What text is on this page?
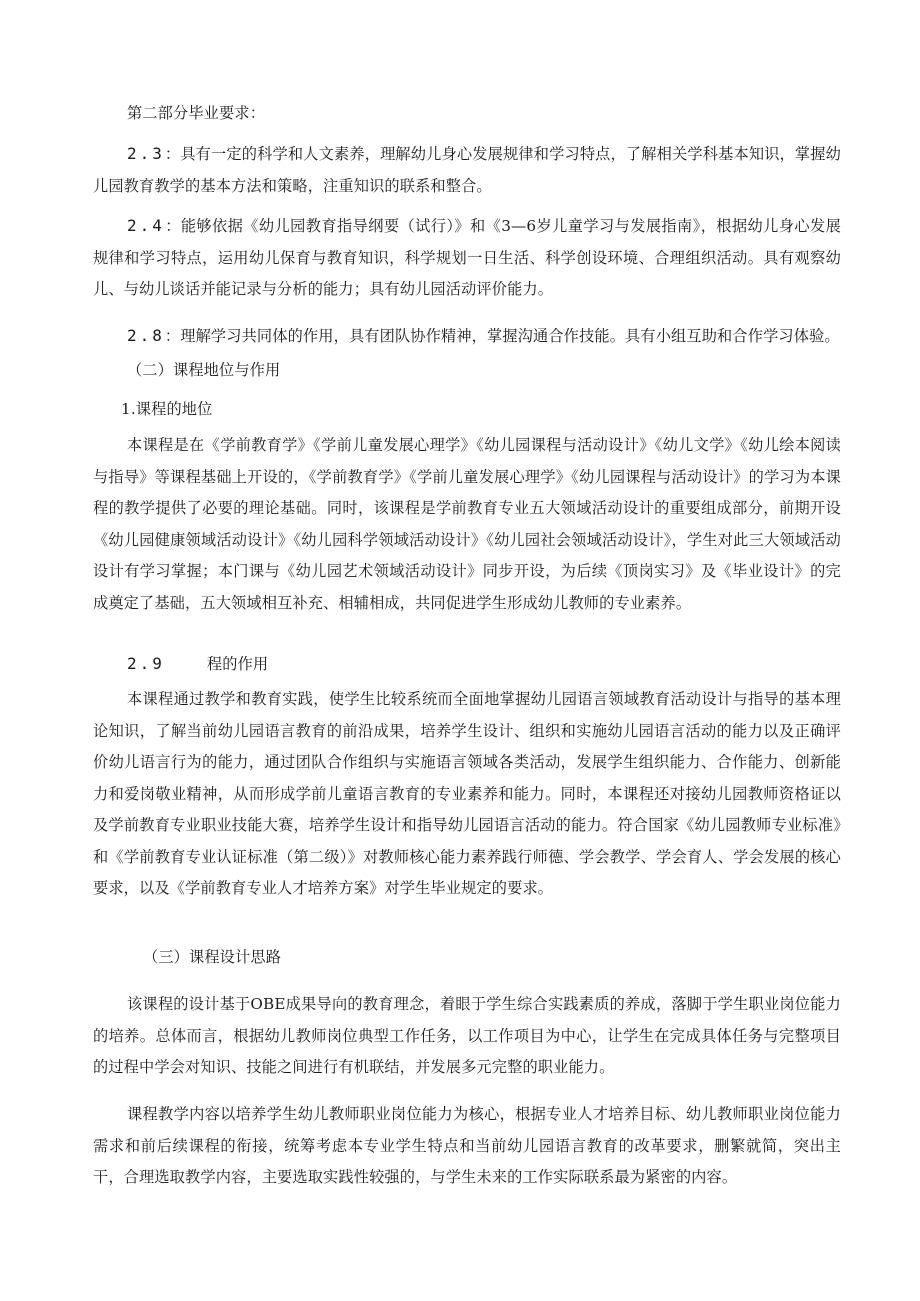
第二部分毕业要求：
2.3：具有一定的科学和人文素养，理解幼儿身心发展规律和学习特点，了解相关学科基本知识，掌握幼儿园教育教学的基本方法和策略，注重知识的联系和整合。
2.4：能够依据《幼儿园教育指导纲要（试行）》和《3—6岁儿童学习与发展指南》，根据幼儿身心发展规律和学习特点，运用幼儿保育与教育知识，科学规划一日生活、科学创设环境、合理组织活动。具有观察幼儿、与幼儿谈话并能记录与分析的能力；具有幼儿园活动评价能力。
2.8：理解学习共同体的作用，具有团队协作精神，掌握沟通合作技能。具有小组互助和合作学习体验。
（二）课程地位与作用
1.课程的地位
本课程是在《学前教育学》《学前儿童发展心理学》《幼儿园课程与活动设计》《幼儿文学》《幼儿绘本阅读与指导》等课程基础上开设的，《学前教育学》《学前儿童发展心理学》《幼儿园课程与活动设计》的学习为本课程的教学提供了必要的理论基础。同时，该课程是学前教育专业五大领域活动设计的重要组成部分，前期开设《幼儿园健康领域活动设计》《幼儿园科学领域活动设计》《幼儿园社会领域活动设计》，学生对此三大领域活动设计有学习掌握；本门课与《幼儿园艺术领域活动设计》同步开设，为后续《顶岗实习》及《毕业设计》的完成奠定了基础，五大领域相互补充、相辅相成，共同促进学生形成幼儿教师的专业素养。
2.9	程的作用
本课程通过教学和教育实践，使学生比较系统而全面地掌握幼儿园语言领域教育活动设计与指导的基本理论知识，了解当前幼儿园语言教育的前沿成果，培养学生设计、组织和实施幼儿园语言活动的能力以及正确评价幼儿语言行为的能力，通过团队合作组织与实施语言领域各类活动，发展学生组织能力、合作能力、创新能力和爱岗敬业精神，从而形成学前儿童语言教育的专业素养和能力。同时，本课程还对接幼儿园教师资格证以及学前教育专业职业技能大赛，培养学生设计和指导幼儿园语言活动的能力。符合国家《幼儿园教师专业标准》和《学前教育专业认证标准（第二级）》对教师核心能力素养践行师德、学会教学、学会育人、学会发展的核心要求，以及《学前教育专业人才培养方案》对学生毕业规定的要求。
（三）课程设计思路
该课程的设计基于OBE成果导向的教育理念，着眼于学生综合实践素质的养成，落脚于学生职业岗位能力的培养。总体而言，根据幼儿教师岗位典型工作任务，以工作项目为中心，让学生在完成具体任务与完整项目的过程中学会对知识、技能之间进行有机联结，并发展多元完整的职业能力。
课程教学内容以培养学生幼儿教师职业岗位能力为核心，根据专业人才培养目标、幼儿教师职业岗位能力需求和前后续课程的衔接，统筹考虑本专业学生特点和当前幼儿园语言教育的改革要求，删繁就简，突出主干，合理选取教学内容，主要选取实践性较强的，与学生未来的工作实际联系最为紧密的内容。
